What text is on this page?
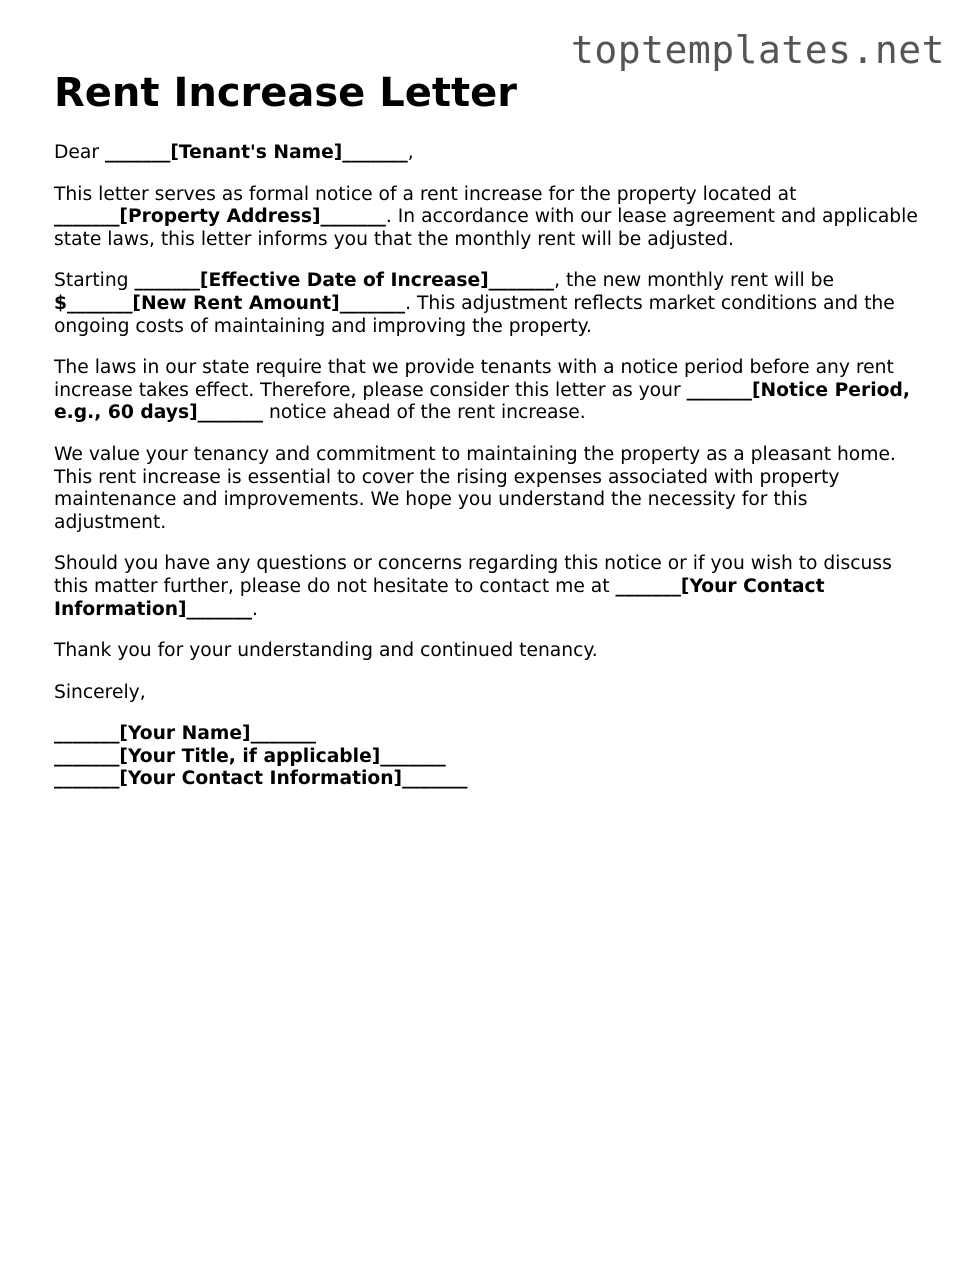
toptemplates.net
Rent Increase Letter

Dear _______[Tenant's Name]_______,

This letter serves as formal notice of a rent increase for the property located at _______[Property Address]_______. In accordance with our lease agreement and applicable state laws, this letter informs you that the monthly rent will be adjusted.

Starting _______[Effective Date of Increase]_______, the new monthly rent will be $_______[New Rent Amount]_______. This adjustment reflects market conditions and the ongoing costs of maintaining and improving the property.

The laws in our state require that we provide tenants with a notice period before any rent increase takes effect. Therefore, please consider this letter as your _______[Notice Period, e.g., 60 days]_______ notice ahead of the rent increase.

We value your tenancy and commitment to maintaining the property as a pleasant home. This rent increase is essential to cover the rising expenses associated with property maintenance and improvements. We hope you understand the necessity for this adjustment.

Should you have any questions or concerns regarding this notice or if you wish to discuss this matter further, please do not hesitate to contact me at _______[Your Contact Information]_______.

Thank you for your understanding and continued tenancy.

Sincerely,

_______[Your Name]_______

_______[Your Title, if applicable]_______

_______[Your Contact Information]_______
